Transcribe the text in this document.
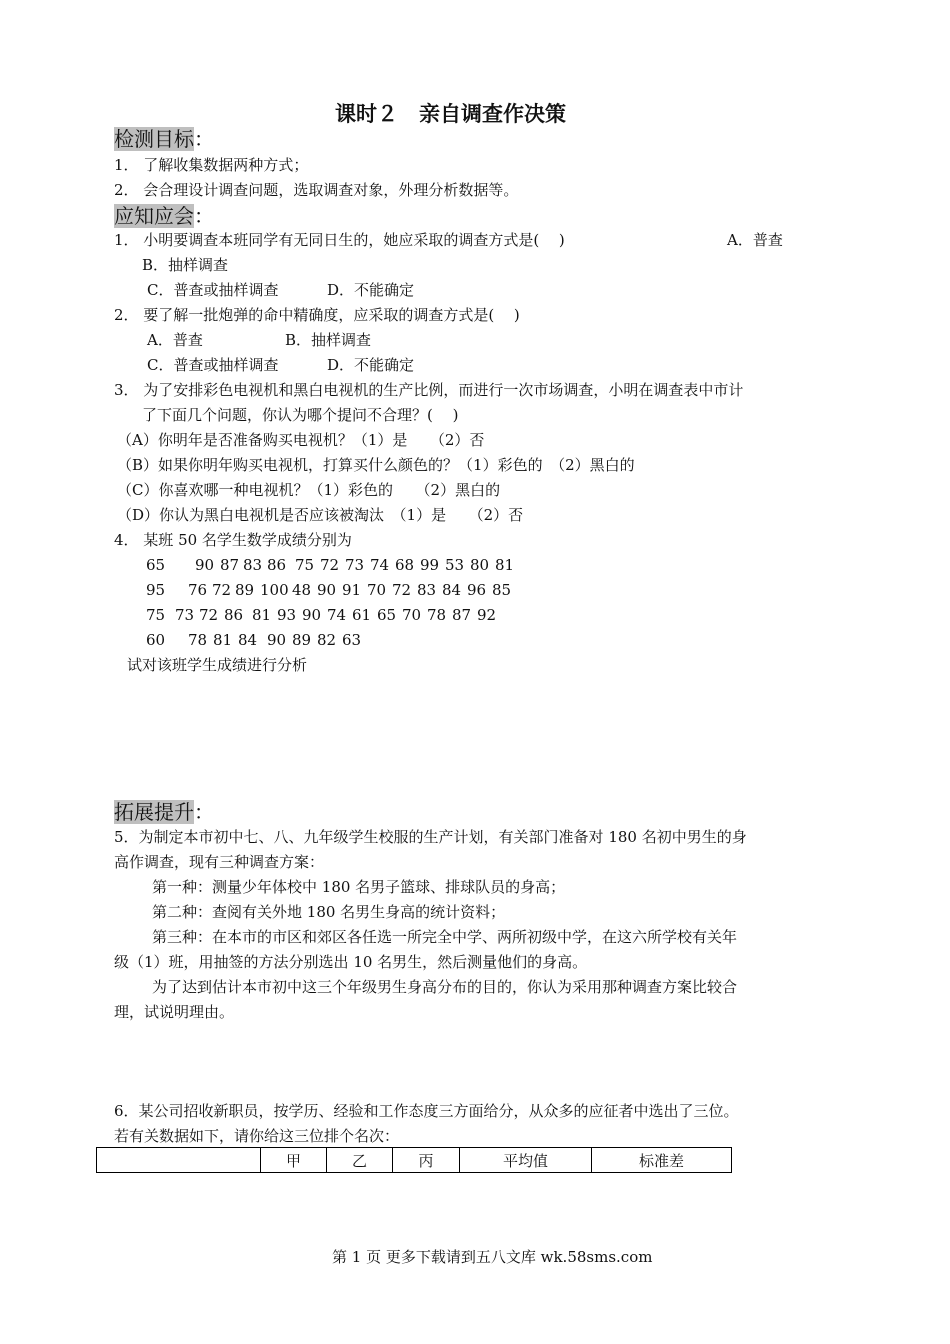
课时２　亲自调查作决策
检测目标：
1． 了解收集数据两种方式；
2． 会合理设计调查问题，选取调查对象，外理分析数据等。
应知应会：
1． 小明要调查本班同学有无同日生的，她应采取的调查方式是(　 )	A．普查
B．抽样调查
C．普查或抽样调查	D．不能确定
2． 要了解一批炮弹的命中精确度，应采取的调查方式是(　 )
A．普查	B．抽样调查
C．普查或抽样调查	D．不能确定
3． 为了安排彩色电视机和黑白电视机的生产比例，而进行一次市场调查，小明在调查表中市计
了下面几个问题，你认为哪个提问不合理？(　 )
（A）你明年是否准备购买电视机？（1）是　　（2）否
（B）如果你明年购买电视机，打算买什么颜色的？（1）彩色的　（2）黑白的
（C）你喜欢哪一种电视机？（1）彩色的　　（2）黑白的
（D）你认为黑白电视机是否应该被淘汰　（1）是　　（2）否
4． 某班 50 名学生数学成绩分别为
65 90 87 83 86 75 72 73 74 68 99 53 80 81
95 76 72 89 100 48 90 91 70 72 83 84 96 85
75 73 72 86 81 93 90 74 61 65 70 78 87 92
60 78 81 84 90 89 82 63
试对该班学生成绩进行分析
拓展提升：
5．为制定本市初中七、八、九年级学生校服的生产计划，有关部门准备对 180 名初中男生的身
高作调查，现有三种调查方案：
第一种：测量少年体校中 180 名男子篮球、排球队员的身高；
第二种：查阅有关外地 180 名男生身高的统计资料；
第三种：在本市的市区和郊区各任选一所完全中学、两所初级中学，在这六所学校有关年
级（1）班，用抽签的方法分别选出 10 名男生，然后测量他们的身高。
为了达到估计本市初中这三个年级男生身高分布的目的，你认为采用那种调查方案比较合
理，试说明理由。
6．某公司招收新职员，按学历、经验和工作态度三方面给分，从众多的应征者中选出了三位。
若有关数据如下，请你给这三位排个名次：
	甲	乙	丙	平均值	标准差
第 1 页 更多下载请到五八文库 wk.58sms.com
